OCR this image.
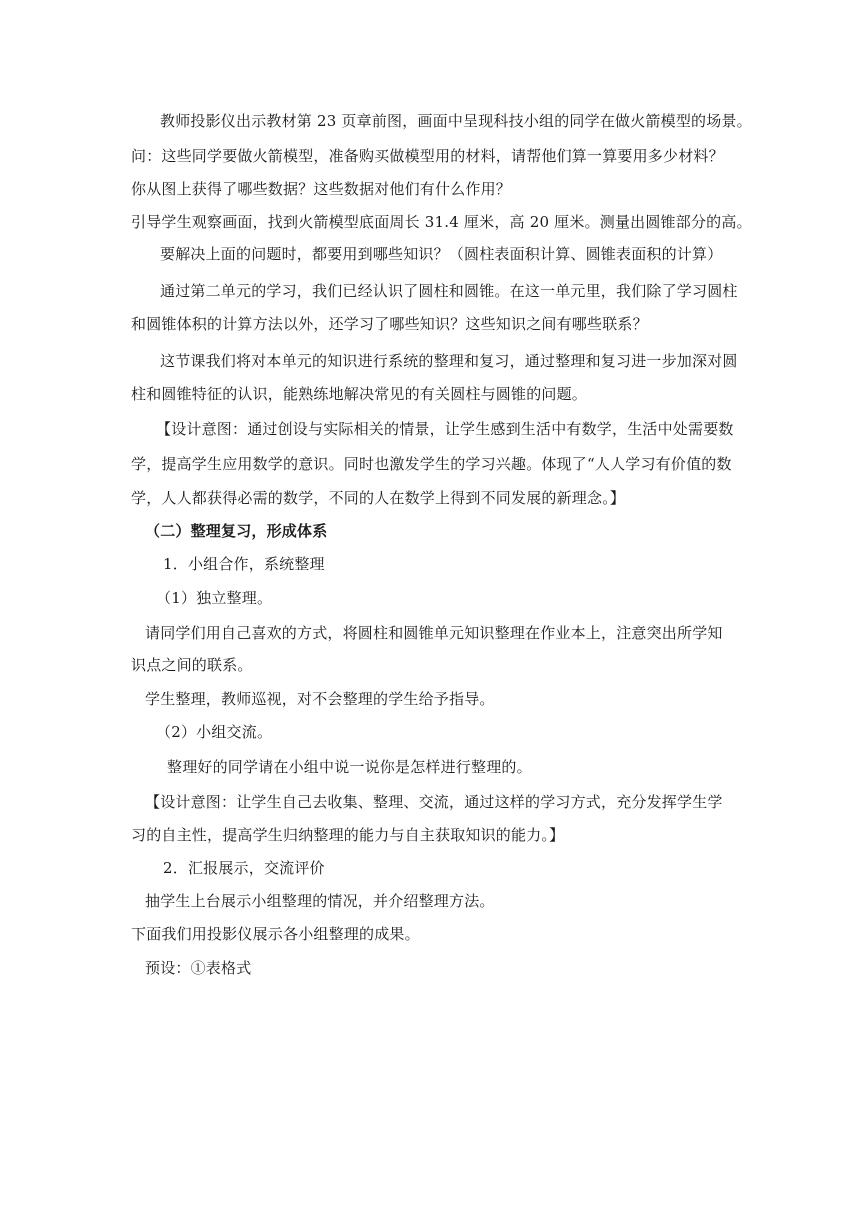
教师投影仪出示教材第 23 页章前图，画面中呈现科技小组的同学在做火箭模型的场景。
问：这些同学要做火箭模型，准备购买做模型用的材料，请帮他们算一算要用多少材料？
你从图上获得了哪些数据？这些数据对他们有什么作用？
引导学生观察画面，找到火箭模型底面周长 31.4 厘米，高 20 厘米。测量出圆锥部分的高。
要解决上面的问题时，都要用到哪些知识？（圆柱表面积计算、圆锥表面积的计算）
通过第二单元的学习，我们已经认识了圆柱和圆锥。在这一单元里，我们除了学习圆柱
和圆锥体积的计算方法以外，还学习了哪些知识？这些知识之间有哪些联系？
这节课我们将对本单元的知识进行系统的整理和复习，通过整理和复习进一步加深对圆
柱和圆锥特征的认识，能熟练地解决常见的有关圆柱与圆锥的问题。
【设计意图：通过创设与实际相关的情景，让学生感到生活中有数学，生活中处需要数
学，提高学生应用数学的意识。同时也激发学生的学习兴趣。体现了“人人学习有价值的数
学，人人都获得必需的数学，不同的人在数学上得到不同发展的新理念。】
（二）整理复习，形成体系
1．小组合作，系统整理
（1）独立整理。
请同学们用自己喜欢的方式，将圆柱和圆锥单元知识整理在作业本上，注意突出所学知
识点之间的联系。
学生整理，教师巡视，对不会整理的学生给予指导。
（2）小组交流。
整理好的同学请在小组中说一说你是怎样进行整理的。
【设计意图：让学生自己去收集、整理、交流，通过这样的学习方式，充分发挥学生学
习的自主性，提高学生归纳整理的能力与自主获取知识的能力。】
2．汇报展示，交流评价
抽学生上台展示小组整理的情况，并介绍整理方法。
下面我们用投影仪展示各小组整理的成果。
预设：①表格式
